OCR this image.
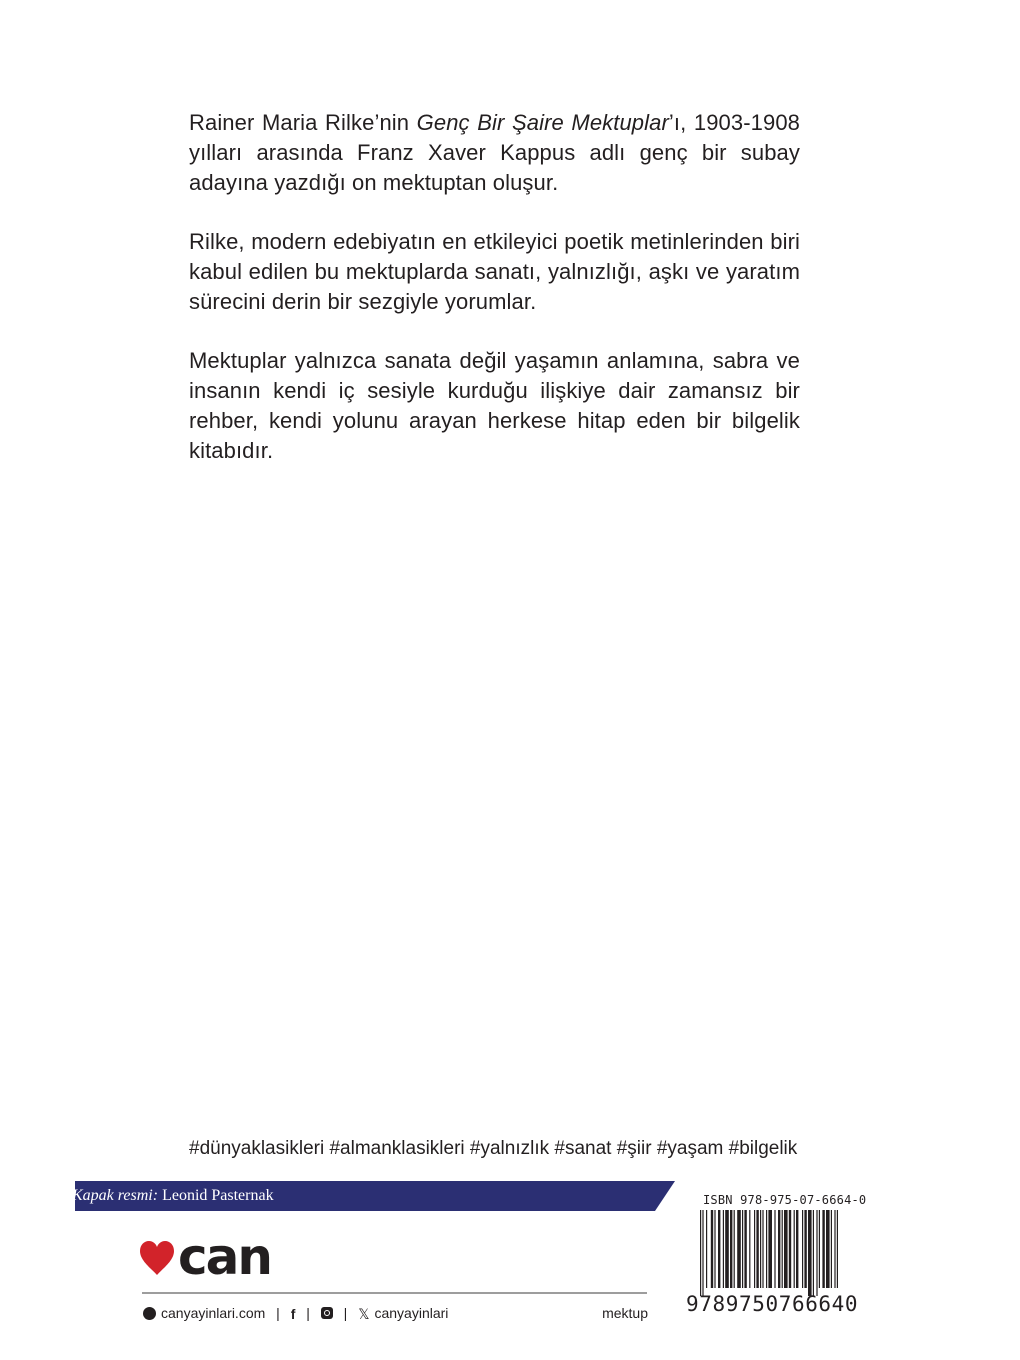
Rainer Maria Rilke’nin Genç Bir Şaire Mektuplar’ı, 1903-1908 yılları arasında Franz Xaver Kappus adlı genç bir subay adayına yazdığı on mektuptan oluşur.

Rilke, modern edebiyatın en etkileyici poetik metinlerinden biri kabul edilen bu mektuplarda sanatı, yalnızlığı, aşkı ve yaratım sürecini derin bir sezgiyle yorumlar.

Mektuplar yalnızca sanata değil yaşamın anlamına, sabra ve insanın kendi iç sesiyle kurduğu ilişkiye dair zamansız bir rehber, kendi yolunu arayan herkese hitap eden bir bilgelik kitabıdır.

#dünyaklasikleri #almanklasikleri #yalnızlık #sanat #şiir #yaşam #bilgelik
Kapak resmi: Leonid Pasternak
can
canyayinlari.com | f | | 𝕏 canyayinlari	mektup
ISBN 978-975-07-6664-0
9789750766640
